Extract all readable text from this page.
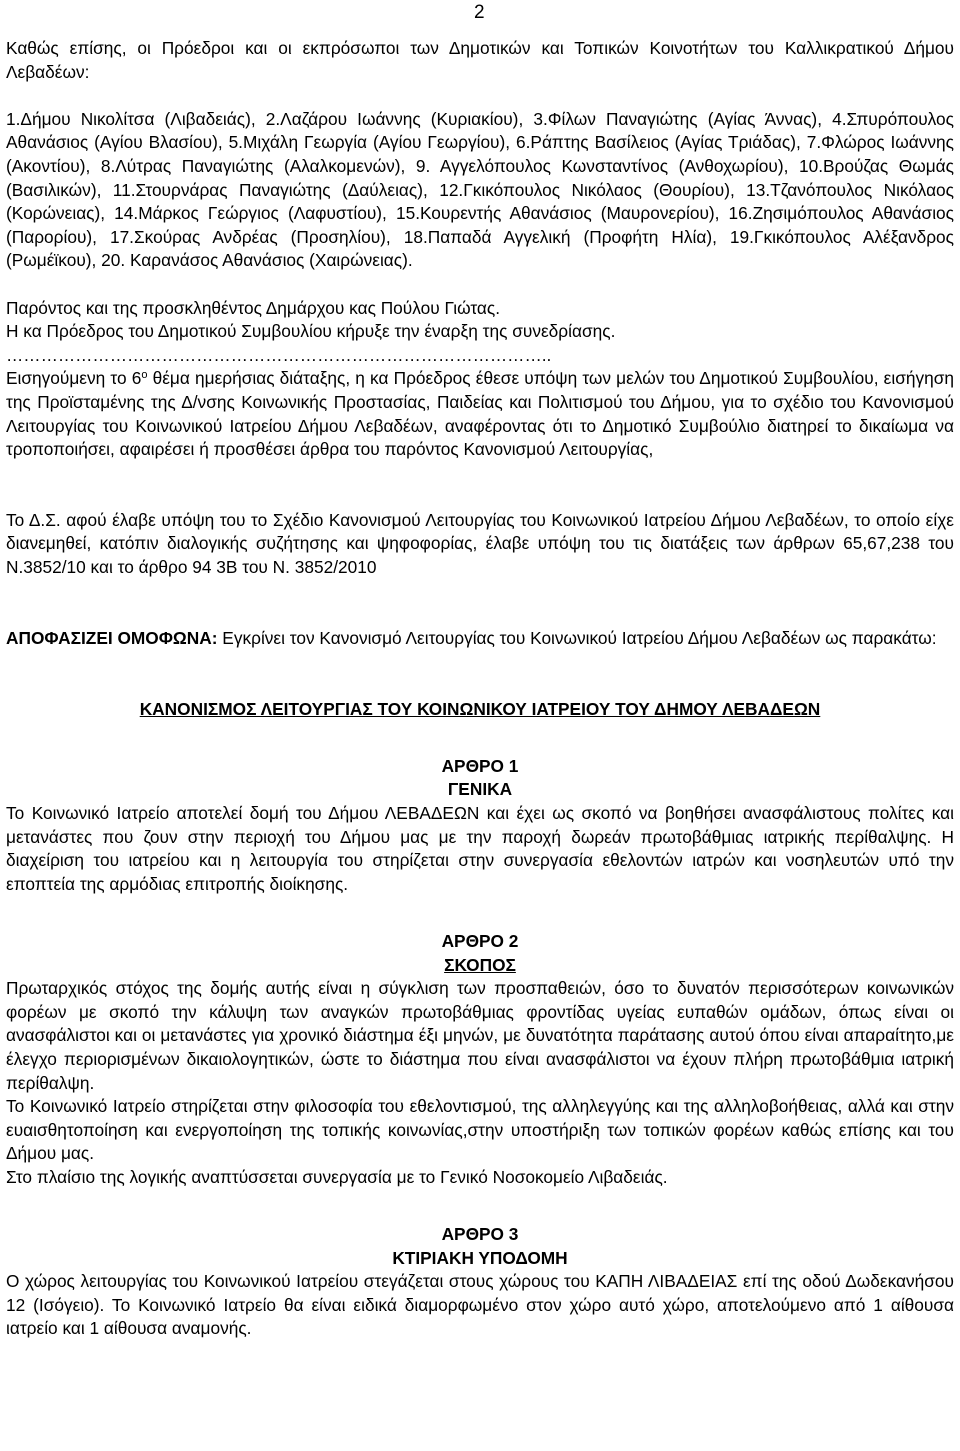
2

Καθώς επίσης, οι Πρόεδροι και οι εκπρόσωποι των Δημοτικών και Τοπικών Κοινοτήτων του Καλλικρατικού Δήμου Λεβαδέων:

1.Δήμου Νικολίτσα (Λιβαδειάς), 2.Λαζάρου Ιωάννης (Κυριακίου), 3.Φίλων Παναγιώτης (Αγίας Άννας), 4.Σπυρόπουλος Αθανάσιος (Αγίου Βλασίου), 5.Μιχάλη Γεωργία (Αγίου Γεωργίου), 6.Ράπτης Βασίλειος (Αγίας Τριάδας), 7.Φλώρος Ιωάννης (Ακοντίου), 8.Λύτρας Παναγιώτης (Αλαλκομενών), 9. Αγγελόπουλος Κωνσταντίνος (Ανθοχωρίου), 10.Βρούζας Θωμάς (Βασιλικών), 11.Στουρνάρας Παναγιώτης (Δαύλειας), 12.Γκικόπουλος Νικόλαος (Θουρίου), 13.Τζανόπουλος Νικόλαος (Κορώνειας), 14.Μάρκος Γεώργιος (Λαφυστίου), 15.Κουρεντής Αθανάσιος (Μαυρονερίου), 16.Ζησιμόπουλος Αθανάσιος (Παρορίου), 17.Σκούρας Ανδρέας (Προσηλίου), 18.Παπαδά Αγγελική (Προφήτη Ηλία), 19.Γκικόπουλος Αλέξανδρος (Ρωμέϊκου), 20. Καρανάσος Αθανάσιος (Χαιρώνειας).

Παρόντος και της προσκληθέντος Δημάρχου κας Πούλου Γιώτας.

Η κα Πρόεδρος του Δημοτικού Συμβουλίου κήρυξε την έναρξη της συνεδρίασης.

…………………………………………………………………………………..

Εισηγούμενη το $6^o$ θέμα ημερήσιας διάταξης, η κα Πρόεδρος έθεσε υπόψη των μελών του Δημοτικού Συμβουλίου, εισήγηση της Προϊσταμένης της Δ/νσης Κοινωνικής Προστασίας, Παιδείας και Πολιτισμού του Δήμου, για το σχέδιο του Κανονισμού Λειτουργίας του Κοινωνικού Ιατρείου Δήμου Λεβαδέων, αναφέροντας ότι το Δημοτικό Συμβούλιο διατηρεί το δικαίωμα να τροποποιήσει, αφαιρέσει ή προσθέσει άρθρα του παρόντος Κανονισμού Λειτουργίας,

Το Δ.Σ. αφού έλαβε υπόψη του το Σχέδιο Κανονισμού Λειτουργίας του Κοινωνικού Ιατρείου Δήμου Λεβαδέων, το οποίο είχε διανεμηθεί, κατόπιν διαλογικής συζήτησης και ψηφοφορίας, έλαβε υπόψη του τις διατάξεις των άρθρων 65,67,238 του Ν.3852/10 και το άρθρο 94 3Β του Ν. 3852/2010

ΑΠΟΦΑΣΙΖΕΙ ΟΜΟΦΩΝΑ: Εγκρίνει τον Κανονισμό Λειτουργίας του Κοινωνικού Ιατρείου Δήμου Λεβαδέων ως παρακάτω:

ΚΑΝΟΝΙΣΜΟΣ ΛΕΙΤΟΥΡΓΙΑΣ ΤΟΥ ΚΟΙΝΩΝΙΚΟΥ ΙΑΤΡΕΙΟΥ ΤΟΥ ΔΗΜΟΥ ΛΕΒΑΔΕΩΝ

ΑΡΘΡΟ 1

ΓΕΝΙΚΑ

Το Κοινωνικό Ιατρείο αποτελεί δομή του Δήμου ΛΕΒΑΔΕΩΝ και έχει ως σκοπό να βοηθήσει ανασφάλιστους πολίτες και μετανάστες που ζουν στην περιοχή του Δήμου μας με την παροχή δωρεάν πρωτοβάθμιας ιατρικής περίθαλψης. Η διαχείριση του ιατρείου και η λειτουργία του στηρίζεται στην συνεργασία εθελοντών ιατρών και νοσηλευτών υπό την εποπτεία της αρμόδιας επιτροπής διοίκησης.

ΑΡΘΡΟ 2

ΣΚΟΠΟΣ

Πρωταρχικός στόχος της δομής αυτής είναι η σύγκλιση των προσπαθειών, όσο το δυνατόν περισσότερων κοινωνικών φορέων με σκοπό την κάλυψη των αναγκών πρωτοβάθμιας φροντίδας υγείας ευπαθών ομάδων, όπως είναι οι ανασφάλιστοι και οι μετανάστες για χρονικό διάστημα έξι μηνών, με δυνατότητα παράτασης αυτού όπου είναι απαραίτητο,με έλεγχο περιορισμένων δικαιολογητικών, ώστε το διάστημα που είναι ανασφάλιστοι να έχουν πλήρη πρωτοβάθμια ιατρική περίθαλψη.

Το Κοινωνικό Ιατρείο στηρίζεται στην φιλοσοφία του εθελοντισμού, της αλληλεγγύης και της αλληλοβοήθειας, αλλά και στην ευαισθητοποίηση και ενεργοποίηση της τοπικής κοινωνίας,στην υποστήριξη των τοπικών φορέων καθώς επίσης και του Δήμου μας.

Στο πλαίσιο της λογικής αναπτύσσεται συνεργασία με το Γενικό Νοσοκομείο Λιβαδειάς.

ΑΡΘΡΟ 3

ΚΤΙΡΙΑΚΗ ΥΠΟΔΟΜΗ

Ο χώρος λειτουργίας του Κοινωνικού Ιατρείου στεγάζεται στους χώρους του ΚΑΠΗ ΛΙΒΑΔΕΙΑΣ επί της οδού Δωδεκανήσου 12 (Ισόγειο). Το Κοινωνικό Ιατρείο θα είναι ειδικά διαμορφωμένο στον χώρο αυτό χώρο, αποτελούμενο από 1 αίθουσα ιατρείο και 1 αίθουσα αναμονής.
